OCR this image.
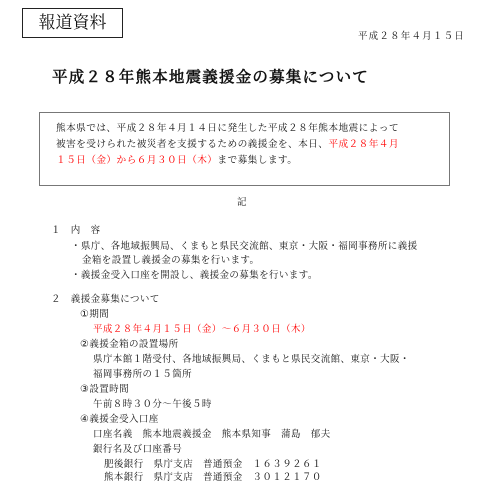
報道資料
平成２８年４月１５日
平成２８年熊本地震義援金の募集について
熊本県では、平成２８年４月１４日に発生した平成２８年熊本地震によって
被害を受けられた被災者を支援するための義援金を、本日、平成２８年４月
１５日（金）から６月３０日（木）まで募集します。
記
１　内　容
・県庁、各地域振興局、くまもと県民交流館、東京・大阪・福岡事務所に義援
金箱を設置し義援金の募集を行います。
・義援金受入口座を開設し、義援金の募集を行います。
２　義援金募集について
①期間
平成２８年４月１５日（金）～６月３０日（木）
②義援金箱の設置場所
県庁本館１階受付、各地域振興局、くまもと県民交流館、東京・大阪・
福岡事務所の１５箇所
③設置時間
午前８時３０分～午後５時
④義援金受入口座
口座名義　熊本地震義援金　熊本県知事　蒲島　郁夫
銀行名及び口座番号
肥後銀行　県庁支店　普通預金　１６３９２６１
熊本銀行　県庁支店　普通預金　３０１２１７０
